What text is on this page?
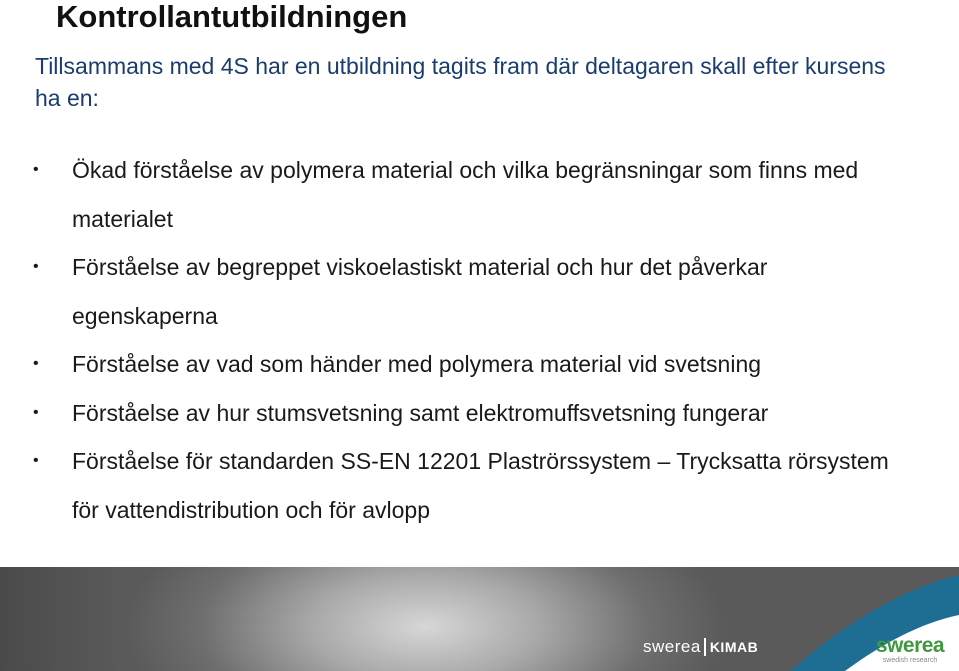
Kontrollantutbildningen

Tillsammans med 4S har en utbildning tagits fram där deltagaren skall efter kursens ha en:

• Ökad förståelse av polymera material och vilka begränsningar som finns med materialet
• Förståelse av begreppet viskoelastiskt material och hur det påverkar egenskaperna
• Förståelse av vad som händer med polymera material vid svetsning
• Förståelse av hur stumsvetsning samt elektromuffsvetsning fungerar
• Förståelse för standarden SS-EN 12201 Plaströrssystem – Trycksatta rörsystem för vattendistribution och för avlopp
swerea KIMAB	swerea
swedish research
